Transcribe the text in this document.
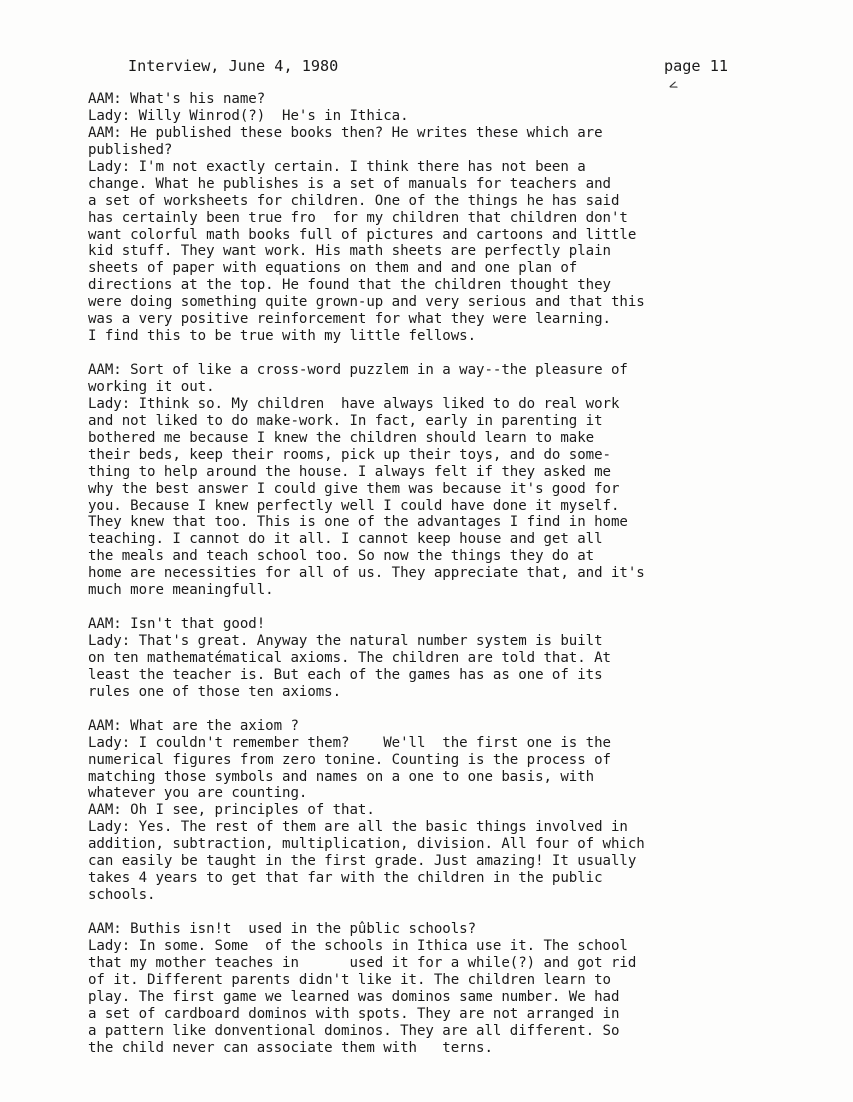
Interview, June 4, 1980	page 11
<
AAM: What's his name?
Lady: Willy Winrod(?)  He's in Ithica.
AAM: He published these books then? He writes these which are
published?
Lady: I'm not exactly certain. I think there has not been a
change. What he publishes is a set of manuals for teachers and
a set of worksheets for children. One of the things he has said
has certainly been true fro  for my children that children don't
want colorful math books full of pictures and cartoons and little
kid stuff. They want work. His math sheets are perfectly plain
sheets of paper with equations on them and and one plan of
directions at the top. He found that the children thought they
were doing something quite grown-up and very serious and that this
was a very positive reinforcement for what they were learning.
I find this to be true with my little fellows.
AAM: Sort of like a cross-word puzzlem in a way--the pleasure of
working it out.
Lady: Ithink so. My children  have always liked to do real work
and not liked to do make-work. In fact, early in parenting it
bothered me because I knew the children should learn to make
their beds, keep their rooms, pick up their toys, and do some-
thing to help around the house. I always felt if they asked me
why the best answer I could give them was because it's good for
you. Because I knew perfectly well I could have done it myself.
They knew that too. This is one of the advantages I find in home
teaching. I cannot do it all. I cannot keep house and get all
the meals and teach school too. So now the things they do at
home are necessities for all of us. They appreciate that, and it's
much more meaningfull.
AAM: Isn't that good!
Lady: That's great. Anyway the natural number system is built
on ten mathematématical axioms. The children are told that. At
least the teacher is. But each of the games has as one of its
rules one of those ten axioms.
AAM: What are the axiom ?
Lady: I couldn't remember them?    We'll  the first one is the
numerical figures from zero tonine. Counting is the process of
matching those symbols and names on a one to one basis, with
whatever you are counting.
AAM: Oh I see, principles of that.
Lady: Yes. The rest of them are all the basic things involved in
addition, subtraction, multiplication, division. All four of which
can easily be taught in the first grade. Just amazing! It usually
takes 4 years to get that far with the children in the public
schools.
AAM: Buthis isn!t  used in the pûblic schools?
Lady: In some. Some  of the schools in Ithica use it. The school
that my mother teaches in      used it for a while(?) and got rid
of it. Different parents didn't like it. The children learn to
play. The first game we learned was dominos same number. We had
a set of cardboard dominos with spots. They are not arranged in
a pattern like donventional dominos. They are all different. So
the child never can associate them with   terns.
